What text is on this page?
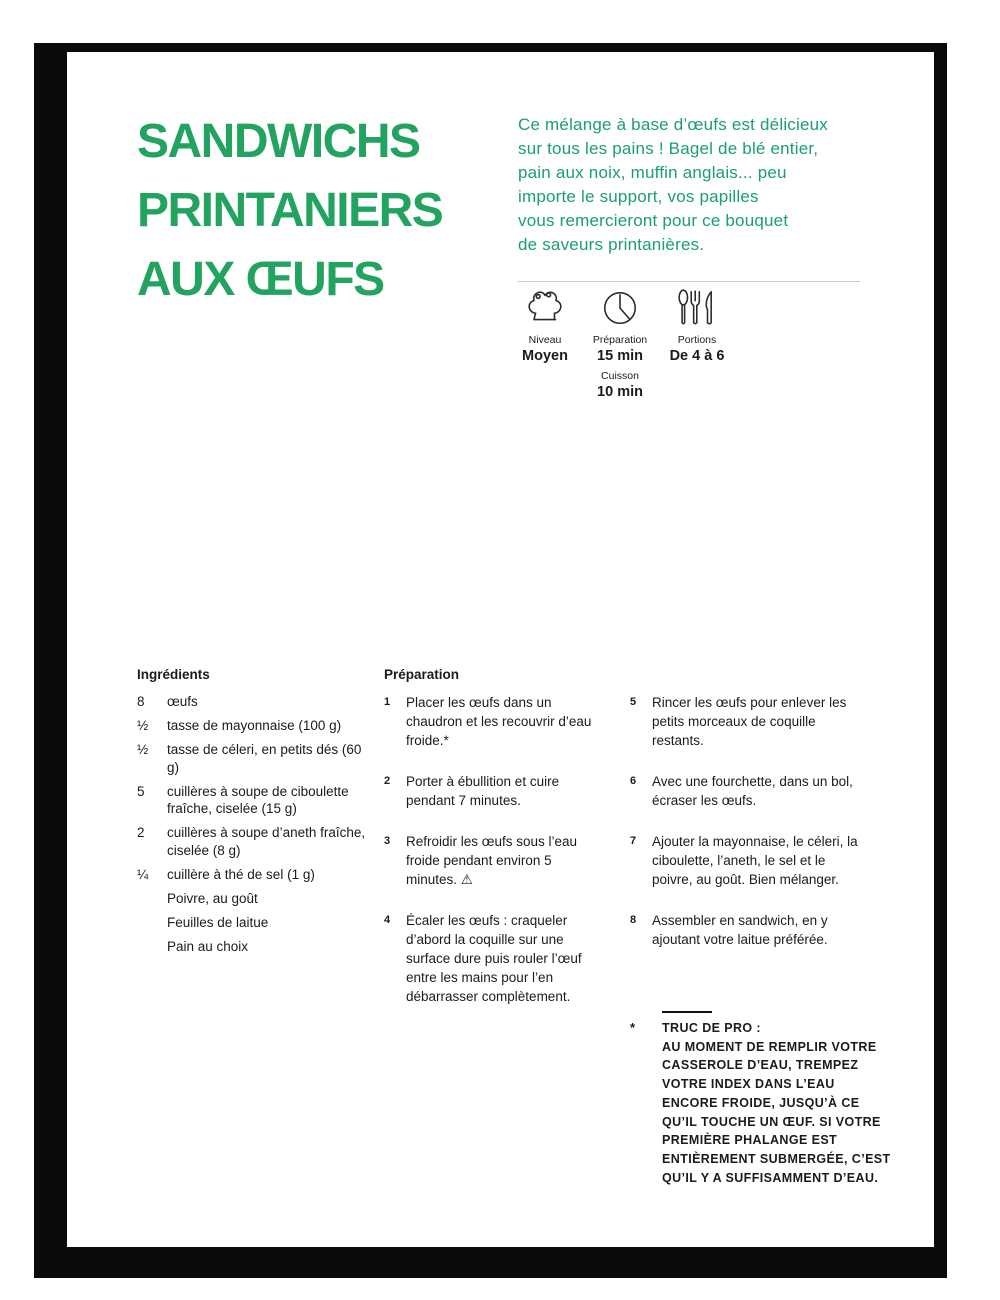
SANDWICHS
PRINTANIERS
AUX ŒUFS
Ce mélange à base d’œufs est délicieux
sur tous les pains ! Bagel de blé entier,
pain aux noix, muffin anglais... peu
importe le support, vos papilles
vous remercieront pour ce bouquet
de saveurs printanières.
Niveau
Moyen
Préparation
15 min
Portions
De 4 à 6
Cuisson
10 min
Ingrédients
8	œufs
½	tasse de mayonnaise (100 g)
½	tasse de céleri, en petits dés (60 g)
5	cuillères à soupe de ciboulette fraîche, ciselée (15 g)
2	cuillères à soupe d’aneth fraîche, ciselée (8 g)
¼	cuillère à thé de sel (1 g)
Poivre, au goût
Feuilles de laitue
Pain au choix
Préparation
1	Placer les œufs dans un chaudron et les recouvrir d’eau froide.*
2	Porter à ébullition et cuire pendant 7 minutes.
3	Refroidir les œufs sous l’eau froide pendant environ 5 minutes. ⚠
4	Écaler les œufs : craqueler d’abord la coquille sur une surface dure puis rouler l’œuf entre les mains pour l’en débarrasser complètement.
5	Rincer les œufs pour enlever les petits morceaux de coquille restants.
6	Avec une fourchette, dans un bol, écraser les œufs.
7	Ajouter la mayonnaise, le céleri, la ciboulette, l’aneth, le sel et le poivre, au goût. Bien mélanger.
8	Assembler en sandwich, en y ajoutant votre laitue préférée.
* TRUC DE PRO :
AU MOMENT DE REMPLIR VOTRE
CASSEROLE D’EAU, TREMPEZ
VOTRE INDEX DANS L’EAU
ENCORE FROIDE, JUSQU’À CE
QU’IL TOUCHE UN ŒUF. SI VOTRE
PREMIÈRE PHALANGE EST
ENTIÈREMENT SUBMERGÉE, C’EST
QU’IL Y A SUFFISAMMENT D’EAU.
